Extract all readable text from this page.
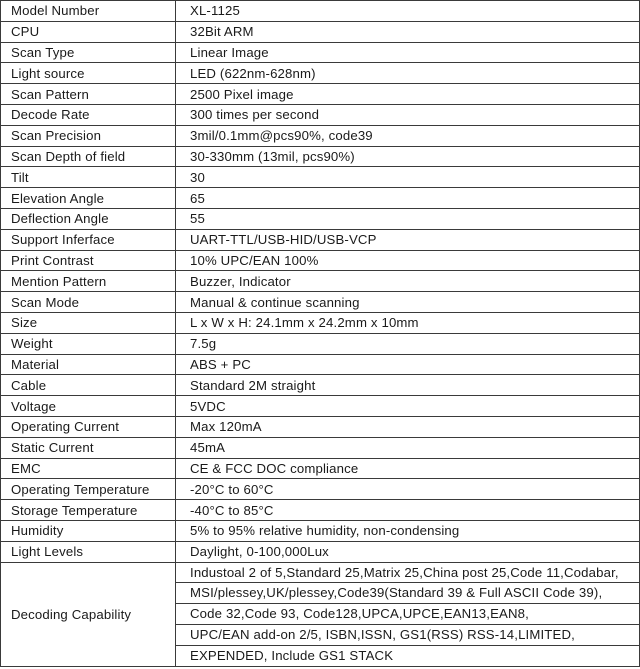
Model Number	XL-1125
CPU	32Bit ARM
Scan Type	Linear Image
Light source	LED (622nm-628nm)
Scan Pattern	2500 Pixel image
Decode Rate	300 times per second
Scan Precision	3mil/0.1mm@pcs90%, code39
Scan Depth of field	30-330mm (13mil, pcs90%)
Tilt	30
Elevation Angle	65
Deflection Angle	55
Support Inferface	UART-TTL/USB-HID/USB-VCP
Print Contrast	10% UPC/EAN 100%
Mention Pattern	Buzzer, Indicator
Scan Mode	Manual & continue scanning
Size	L x W x H: 24.1mm x 24.2mm x 10mm
Weight	7.5g
Material	ABS + PC
Cable	Standard 2M straight
Voltage	5VDC
Operating Current	Max 120mA
Static Current	45mA
EMC	CE & FCC DOC compliance
Operating Temperature	-20°C to 60°C
Storage Temperature	-40°C to 85°C
Humidity	5% to 95% relative humidity, non-condensing
Light Levels	Daylight, 0-100,000Lux
Decoding Capability	Industoal 2 of 5,Standard 25,Matrix 25,China post 25,Code 11,Codabar,
MSI/plessey,UK/plessey,Code39(Standard 39 & Full ASCII Code 39),
Code 32,Code 93, Code128,UPCA,UPCE,EAN13,EAN8,
UPC/EAN add-on 2/5, ISBN,ISSN, GS1(RSS) RSS-14,LIMITED,
EXPENDED, Include GS1 STACK
